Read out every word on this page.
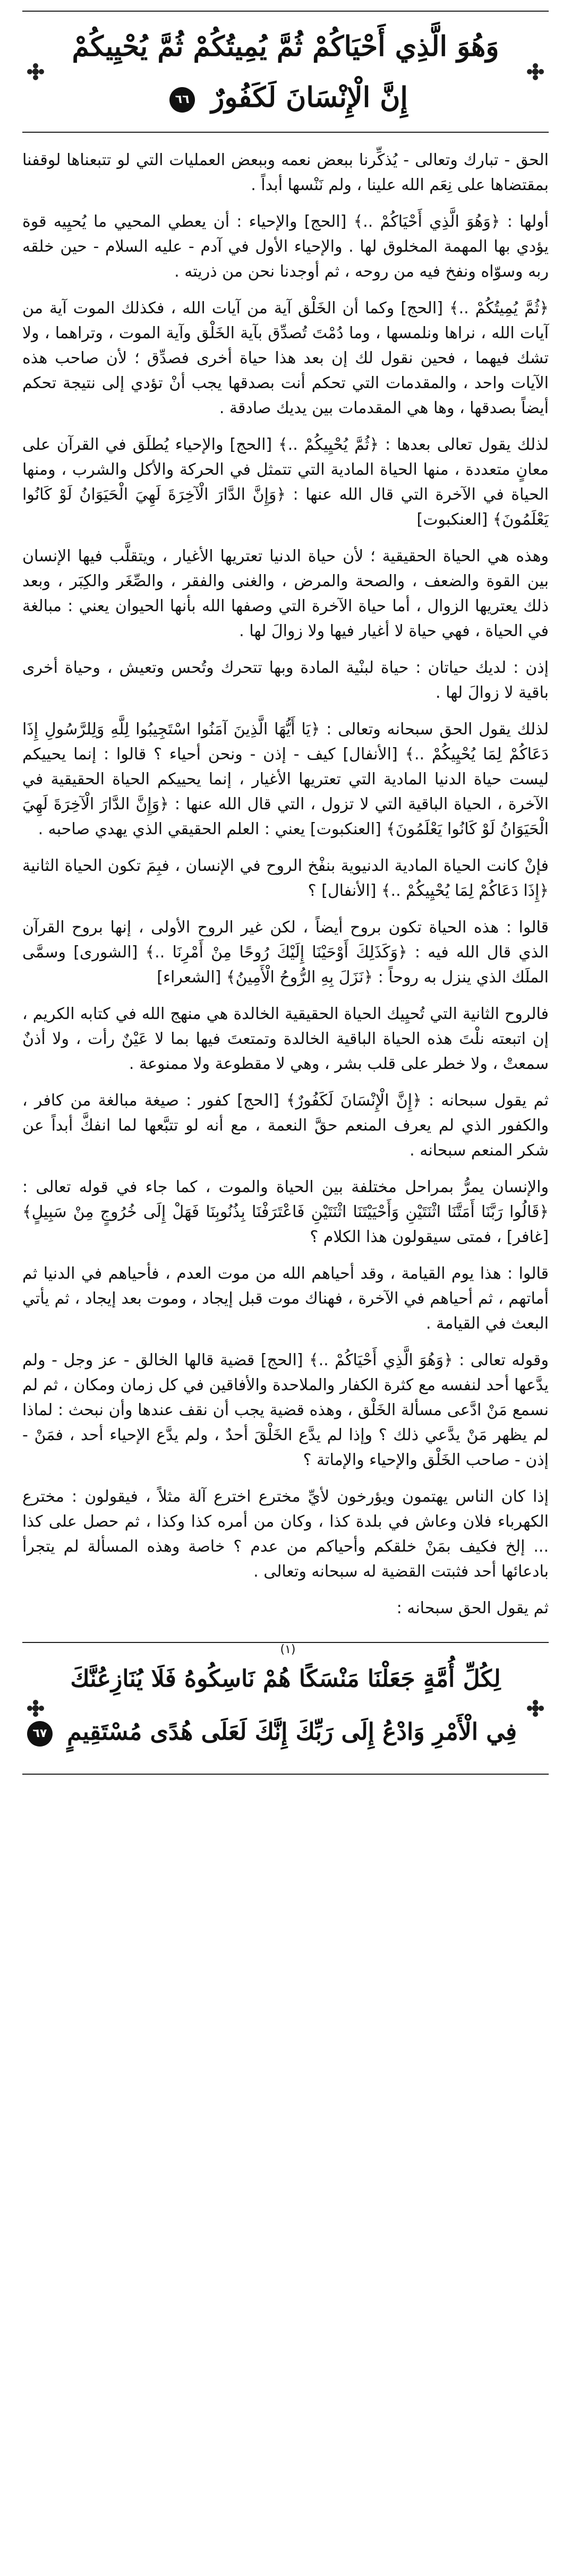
وَهُوَ الَّذِي أَحْيَاكُمْ ثُمَّ يُمِيتُكُمْ ثُمَّ يُحْيِيكُمْ
إِنَّ الْإِنْسَانَ لَكَفُورٌ ٦٦

الحق - تبارك وتعالى - يُذكِّرنا ببعض نعمه وببعض العمليات التي لو تتبعناها لوقفنا بمقتضاها على نِعَم الله علينا ، ولم نَنْسها أبداً .

أولها : ﴿وَهُوَ الَّذِي أَحْيَاكُمْ ..﴾ [الحج] والإحياء : أن يعطي المحيي ما يُحيِيه قوة يؤدي بها المهمة المخلوق لها . والإحياء الأول في آدم - عليه السلام - حين خلقه ربه وسوّاه ونفخ فيه من روحه ، ثم أوجدنا نحن من ذريته .

﴿ثُمَّ يُمِيتُكُمْ ..﴾ [الحج] وكما أن الخَلْق آية من آيات الله ، فكذلك الموت آية من آيات الله ، نراها ونلمسها ، وما دُمْتَ تُصدِّق بآية الخَلْق وآية الموت ، وتراهما ، ولا تشك فيهما ، فحين نقول لك إن بعد هذا حياة أخرى فصدِّق ؛ لأن صاحب هذه الآيات واحد ، والمقدمات التي تحكم أنت بصدقها يجب أنْ تؤدي إلى نتيجة تحكم أيضاً بصدقها ، وها هي المقدمات بين يديك صادقة .

لذلك يقول تعالى بعدها : ﴿ثُمَّ يُحْيِيكُمْ ..﴾ [الحج] والإحياء يُطلَق في القرآن على معانٍ متعددة ، منها الحياة المادية التي تتمثل في الحركة والأكل والشرب ، ومنها الحياة في الآخرة التي قال الله عنها : ﴿وَإِنَّ الدَّارَ الْآخِرَةَ لَهِيَ الْحَيَوَانُ لَوْ كَانُوا يَعْلَمُونَ﴾ [العنكبوت]

وهذه هي الحياة الحقيقية ؛ لأن حياة الدنيا تعتريها الأغيار ، ويتقلَّب فيها الإنسان بين القوة والضعف ، والصحة والمرض ، والغنى والفقر ، والصِّغَر والكِبَر ، وبعد ذلك يعتريها الزوال ، أما حياة الآخرة التي وصفها الله بأنها الحيوان يعني : مبالغة في الحياة ، فهي حياة لا أغيار فيها ولا زوالَ لها .

إذن : لديك حياتان : حياة لبنْية المادة وبها تتحرك وتُحس وتعيش ، وحياة أخرى باقية لا زوالَ لها .

لذلك يقول الحق سبحانه وتعالى : ﴿يَا أَيُّهَا الَّذِينَ آمَنُوا اسْتَجِيبُوا لِلَّهِ وَلِلرَّسُولِ إِذَا دَعَاكُمْ لِمَا يُحْيِيكُمْ ..﴾ [الأنفال] كيف - إذن - ونحن أحياء ؟ قالوا : إنما يحييكم ليست حياة الدنيا المادية التي تعتريها الأغيار ، إنما يحييكم الحياة الحقيقية في الآخرة ، الحياة الباقية التي لا تزول ، التي قال الله عنها : ﴿وَإِنَّ الدَّارَ الْآخِرَةَ لَهِيَ الْحَيَوَانُ لَوْ كَانُوا يَعْلَمُونَ﴾ [العنكبوت] يعني : العلم الحقيقي الذي يهدي صاحبه .

فإنْ كانت الحياة المادية الدنيوية بنفْخ الروح في الإنسان ، فبِمَ تكون الحياة الثانية ﴿إِذَا دَعَاكُمْ لِمَا يُحْيِيكُمْ ..﴾ [الأنفال] ؟

قالوا : هذه الحياة تكون بروح أيضاً ، لكن غير الروح الأولى ، إنها بروح القرآن الذي قال الله فيه : ﴿وَكَذَلِكَ أَوْحَيْنَا إِلَيْكَ رُوحًا مِنْ أَمْرِنَا ..﴾ [الشورى] وسمَّى الملَك الذي ينزل به روحاً : ﴿نَزَلَ بِهِ الرُّوحُ الْأَمِينُ﴾ [الشعراء]

فالروح الثانية التي تُحيِيك الحياة الحقيقية الخالدة هي منهج الله في كتابه الكريم ، إن اتبعته نلْتَ هذه الحياة الباقية الخالدة وتمتعتَ فيها بما لا عَيْنٌ رأت ، ولا أذنٌ سمعتْ ، ولا خطر على قلب بشر ، وهي لا مقطوعة ولا ممنوعة .

ثم يقول سبحانه : ﴿إِنَّ الْإِنْسَانَ لَكَفُورٌ﴾ [الحج] كفور : صيغة مبالغة من كافر ، والكفور الذي لم يعرف المنعم حقَّ النعمة ، مع أنه لو تتبَّعها لما انفكَّ أبداً عن شكر المنعم سبحانه .

والإنسان يمرُّ بمراحل مختلفة بين الحياة والموت ، كما جاء في قوله تعالى : ﴿قَالُوا رَبَّنَا أَمَتَّنَا اثْنَتَيْنِ وَأَحْيَيْتَنَا اثْنَتَيْنِ فَاعْتَرَفْنَا بِذُنُوبِنَا فَهَلْ إِلَى خُرُوجٍ مِنْ سَبِيلٍ﴾ [غافر] ، فمتى سيقولون هذا الكلام ؟

قالوا : هذا يوم القيامة ، وقد أحياهم الله من موت العدم ، فأحياهم في الدنيا ثم أماتهم ، ثم أحياهم في الآخرة ، فهناك موت قبل إيجاد ، وموت بعد إيجاد ، ثم يأتي البعث في القيامة .

وقوله تعالى : ﴿وَهُوَ الَّذِي أَحْيَاكُمْ ..﴾ [الحج] قضية قالها الخالق - عز وجل - ولم يدَّعها أحد لنفسه مع كثرة الكفار والملاحدة والأفاقين في كل زمان ومكان ، ثم لم نسمع مَنْ ادَّعى مسألة الخَلْق ، وهذه قضية يجب أن نقف عندها وأن نبحث : لماذا لم يظهر مَنْ يدَّعي ذلك ؟ وإذا لم يدَّع الخَلْقَ أحدٌ ، ولم يدَّع الإحياء أحد ، فمَنْ - إذن - صاحب الخَلْق والإحياء والإماتة ؟

إذا كان الناس يهتمون ويؤرخون لأيِّ مخترع اخترع آلة مثلاً ، فيقولون : مخترع الكهرباء فلان وعاش في بلدة كذا ، وكان من أمره كذا وكذا ، ثم حصل على كذا ... إلخ فكيف بمَنْ خلقكم وأحياكم من عدم ؟ خاصة وهذه المسألة لم يتجرأ بادعائها أحد فثبتت القضية له سبحانه وتعالى .

ثم يقول الحق سبحانه :

(١)
لِكُلِّ أُمَّةٍ جَعَلْنَا مَنْسَكًا هُمْ نَاسِكُوهُ فَلَا يُنَازِعُنَّكَ
فِي الْأَمْرِ وَادْعُ إِلَى رَبِّكَ إِنَّكَ لَعَلَى هُدًى مُسْتَقِيمٍ ٦٧
